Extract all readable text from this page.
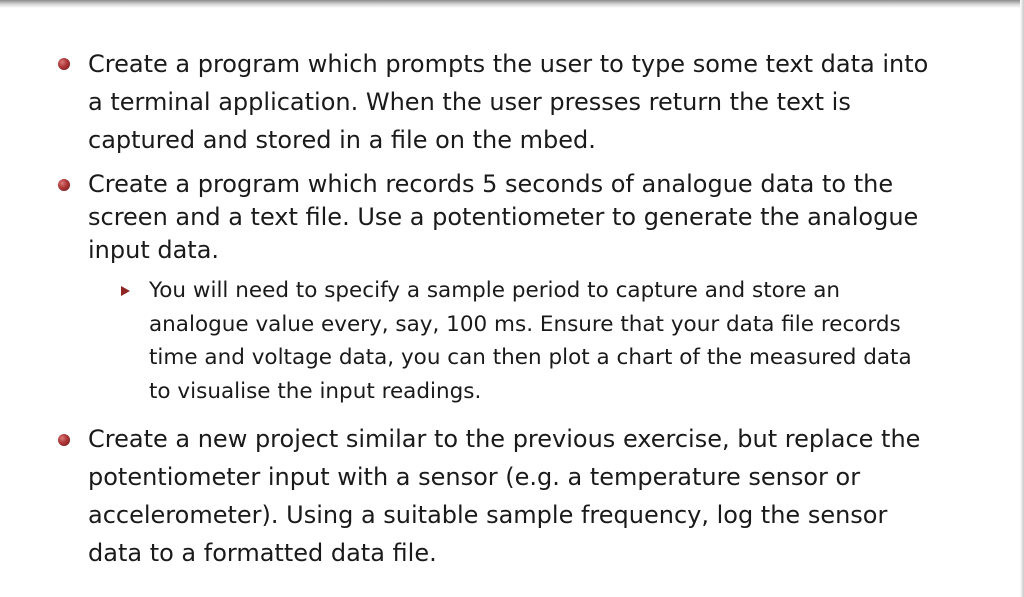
Create a program which prompts the user to type some text data into
a terminal application. When the user presses return the text is
captured and stored in a file on the mbed.
Create a program which records 5 seconds of analogue data to the
screen and a text file. Use a potentiometer to generate the analogue
input data.
You will need to specify a sample period to capture and store an
analogue value every, say, 100 ms. Ensure that your data file records
time and voltage data, you can then plot a chart of the measured data
to visualise the input readings.
Create a new project similar to the previous exercise, but replace the
potentiometer input with a sensor (e.g. a temperature sensor or
accelerometer). Using a suitable sample frequency, log the sensor
data to a formatted data file.
